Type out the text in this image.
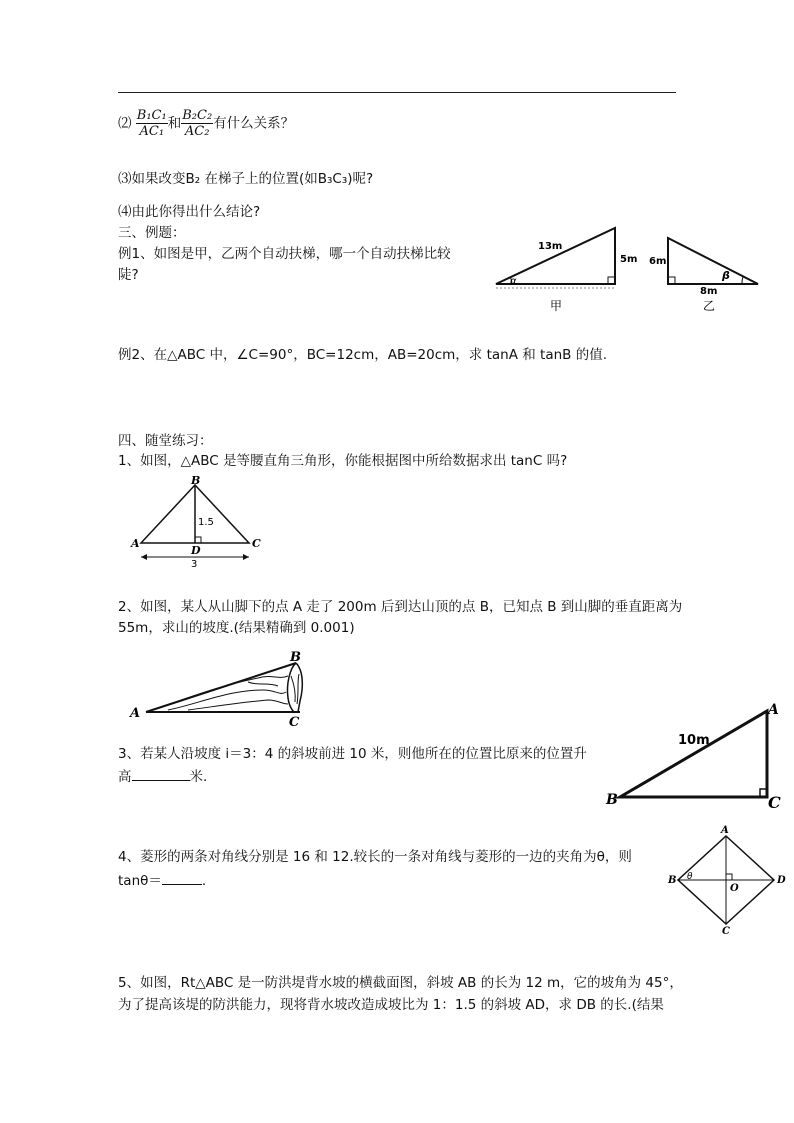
⑵ $\frac{\text{B₁C₁}}{\text{AC₁}}$ 和 $\frac{\text{B₂C₂}}{\text{AC₂}}$ 有什么关系？
⑶如果改变B₂ 在梯子上的位置(如B₃C₃)呢?
⑷由此你得出什么结论?
三、例题：
例1、如图是甲，乙两个自动扶梯，哪一个自动扶梯比较
陡?
13m
5m
α
甲
6m
β
8m
乙
例2、在△ABC 中，∠C=90°，BC=12cm，AB=20cm，求 tanA 和 tanB 的值.
四、随堂练习：
1、如图，△ABC 是等腰直角三角形，你能根据图中所给数据求出 tanC 吗?
B
A
D
C
1.5
3
2、如图，某人从山脚下的点 A 走了 200m 后到达山顶的点 B，已知点 B 到山脚的垂直距离为
55m，求山的坡度.(结果精确到 0.001)
A
B
C
3、若某人沿坡度 i＝3：4 的斜坡前进 10 米，则他所在的位置比原来的位置升
高	米.
10m
A
B	C
4、菱形的两条对角线分别是 16 和 12.较长的一条对角线与菱形的一边的夹角为θ，则
tanθ＝	.
A
B
C
D
O
θ
5、如图，Rt△ABC 是一防洪堤背水坡的横截面图，斜坡 AB 的长为 12 m，它的坡角为 45°，
为了提高该堤的防洪能力，现将背水坡改造成坡比为 1：1.5 的斜坡 AD，求 DB 的长.(结果
